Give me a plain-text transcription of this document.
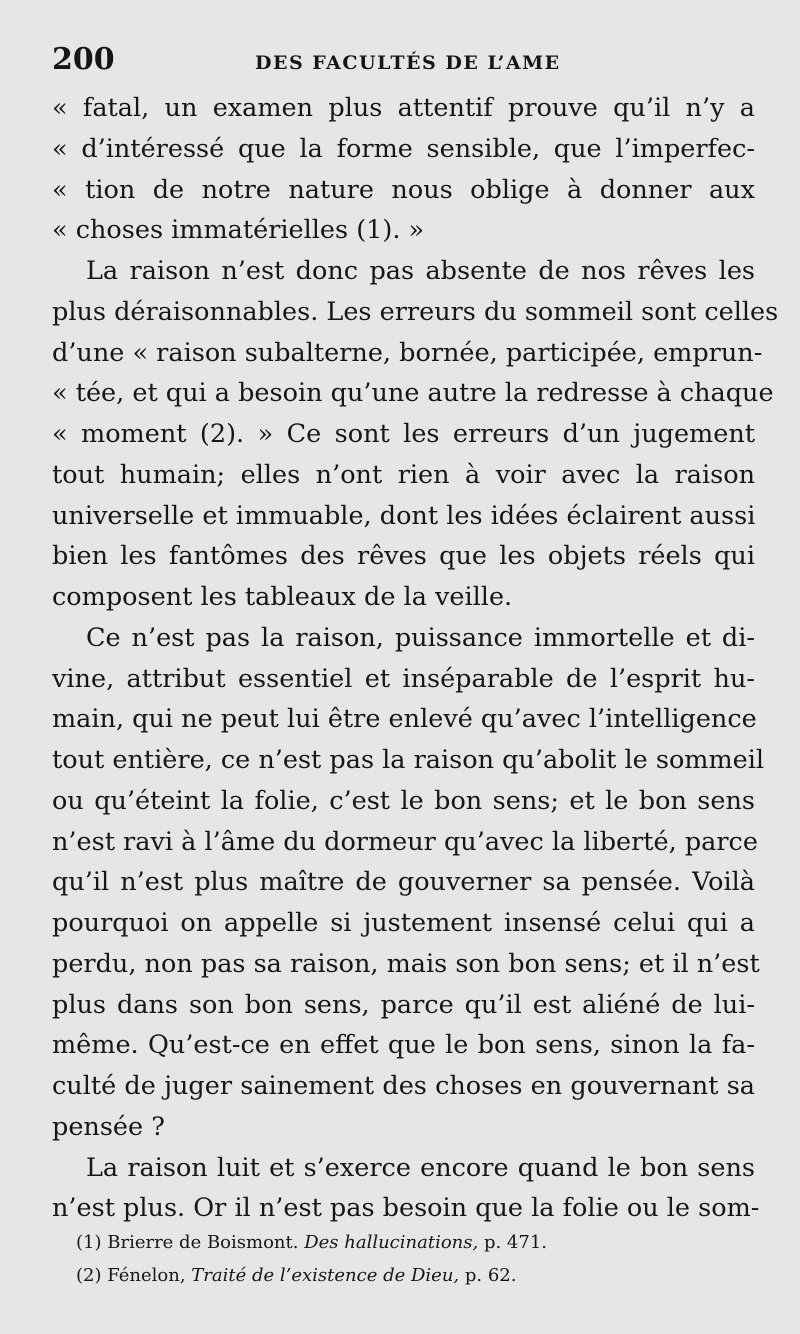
200	DES FACULTÉS DE L’AME
« fatal, un examen plus attentif prouve qu’il n’y a
« d’intéressé que la forme sensible, que l’imperfec-
« tion de notre nature nous oblige à donner aux
« choses immatérielles (1). »
La raison n’est donc pas absente de nos rêves les
plus déraisonnables. Les erreurs du sommeil sont celles
d’une « raison subalterne, bornée, participée, emprun-
« tée, et qui a besoin qu’une autre la redresse à chaque
« moment (2). » Ce sont les erreurs d’un jugement
tout humain; elles n’ont rien à voir avec la raison
universelle et immuable, dont les idées éclairent aussi
bien les fantômes des rêves que les objets réels qui
composent les tableaux de la veille.
Ce n’est pas la raison, puissance immortelle et di-
vine, attribut essentiel et inséparable de l’esprit hu-
main, qui ne peut lui être enlevé qu’avec l’intelligence
tout entière, ce n’est pas la raison qu’abolit le sommeil
ou qu’éteint la folie, c’est le bon sens; et le bon sens
n’est ravi à l’âme du dormeur qu’avec la liberté, parce
qu’il n’est plus maître de gouverner sa pensée. Voilà
pourquoi on appelle si justement insensé celui qui a
perdu, non pas sa raison, mais son bon sens; et il n’est
plus dans son bon sens, parce qu’il est aliéné de lui-
même. Qu’est-ce en effet que le bon sens, sinon la fa-
culté de juger sainement des choses en gouvernant sa
pensée ?
La raison luit et s’exerce encore quand le bon sens
n’est plus. Or il n’est pas besoin que la folie ou le som-
(1) Brierre de Boismont. Des hallucinations, p. 471.
(2) Fénelon, Traité de l’existence de Dieu, p. 62.
